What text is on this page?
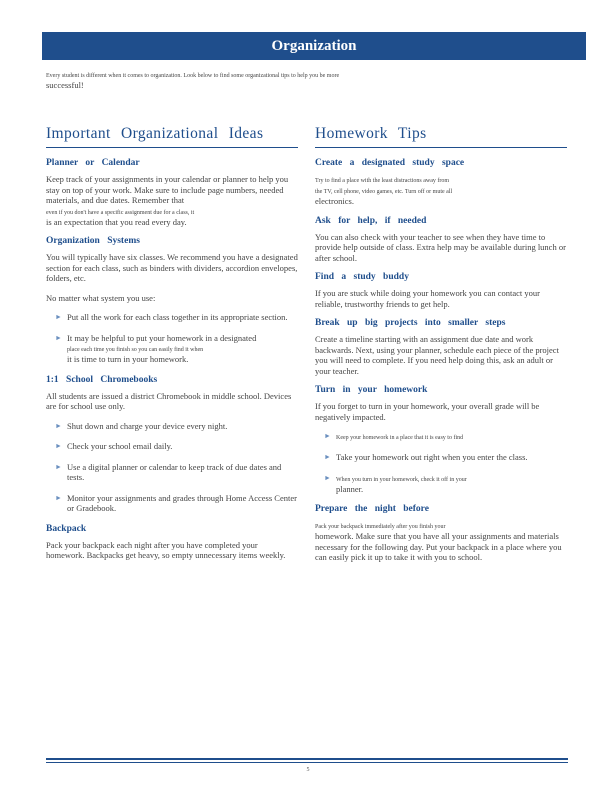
Organization
Every student is different when it comes to organization. Look below to find some organizational tips to help you be more
successful!
Important Organizational Ideas
Planner or Calendar

Keep track of your assignments in your calendar or planner to help you stay on top of your work. Make sure to include page numbers, needed materials, and due dates. Remember that
even if you don't have a specific assignment due for a class, it
is an expectation that you read every day.

Organization Systems

You will typically have six classes. We recommend you have a designated section for each class, such as binders with dividers, accordion envelopes, folders, etc.

No matter what system you use:

► Put all the work for each class together in its appropriate section.
► It may be helpful to put your homework in a designated
place each time you finish so you can easily find it when
it is time to turn in your homework.
1:1 School Chromebooks

All students are issued a district Chromebook in middle school. Devices are for school use only.

► Shut down and charge your device every night.
► Check your school email daily.
► Use a digital planner or calendar to keep track of due dates and tests.
► Monitor your assignments and grades through Home Access Center or Gradebook.
Backpack

Pack your backpack each night after you have completed your homework. Backpacks get heavy, so empty unnecessary items weekly.

Homework Tips
Create a designated study space

Try to find a place with the least distractions away from
the TV, cell phone, video games, etc. Turn off or mute all
electronics.

Ask for help, if needed

You can also check with your teacher to see when they have time to provide help outside of class. Extra help may be available during lunch or after school.

Find a study buddy

If you are stuck while doing your homework you can contact your reliable, trustworthy friends to get help.

Break up big projects into smaller steps

Create a timeline starting with an assignment due date and work backwards. Next, using your planner, schedule each piece of the project you will need to complete. If you need help doing this, ask an adult or your teacher.

Turn in your homework

If you forget to turn in your homework, your overall grade will be negatively impacted.

► Keep your homework in a place that it is easy to find
► Take your homework out right when you enter the class.
► When you turn in your homework, check it off in your
planner.
Prepare the night before

Pack your backpack immediately after you finish your
homework. Make sure that you have all your assignments and materials necessary for the following day. Put your backpack in a place where you can easily pick it up to take it with you to school.

5
